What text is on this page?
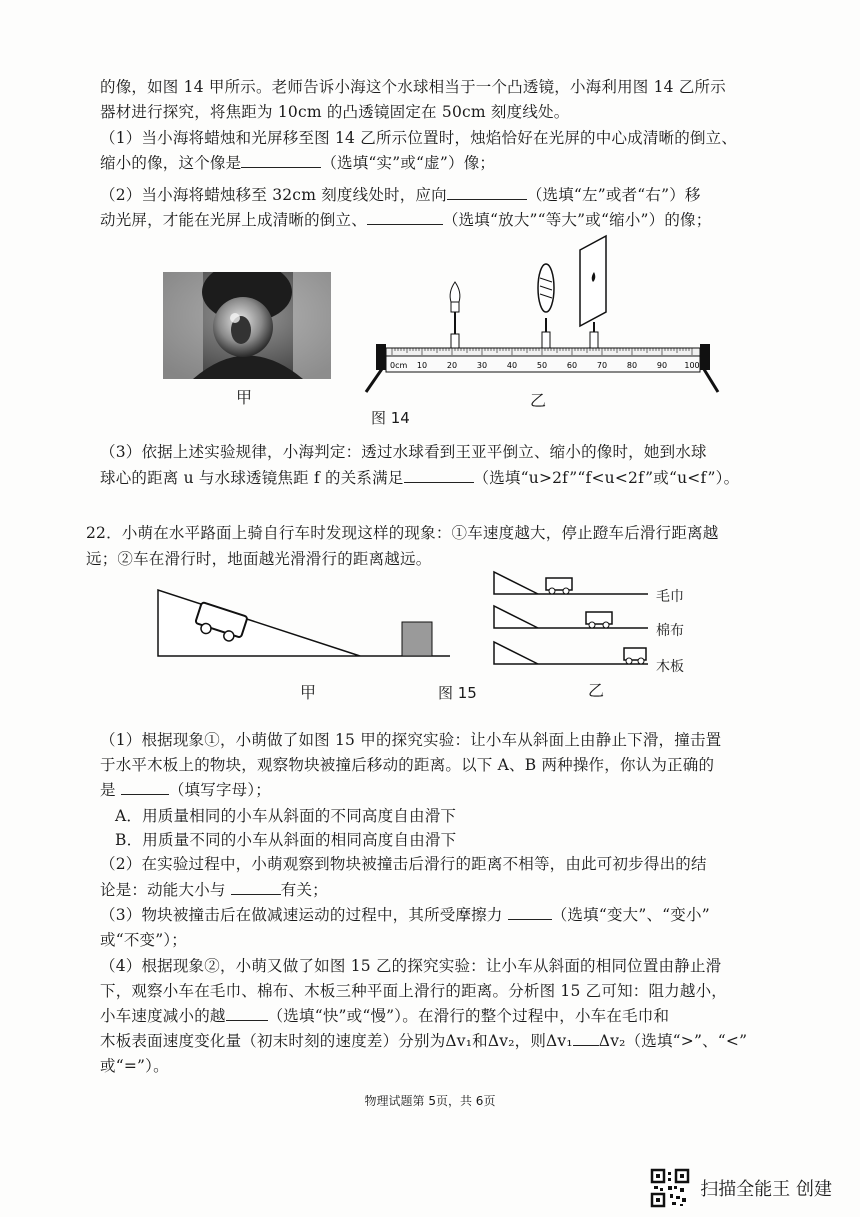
的像，如图 14 甲所示。老师告诉小海这个水球相当于一个凸透镜，小海利用图 14 乙所示
器材进行探究，将焦距为 10cm 的凸透镜固定在 50cm 刻度线处。
（1）当小海将蜡烛和光屏移至图 14 乙所示位置时，烛焰恰好在光屏的中心成清晰的倒立、
缩小的像，这个像是	（选填“实”或“虚”）像；
（2）当小海将蜡烛移至 32cm 刻度线处时，应向	（选填“左”或者“右”）移
动光屏，才能在光屏上成清晰的倒立、	（选填“放大”“等大”或“缩小”）的像；
甲
0cm 10 20 30 40 50 60 70 80 90 100
乙
图 14
（3）依据上述实验规律，小海判定：透过水球看到王亚平倒立、缩小的像时，她到水球
球心的距离 u 与水球透镜焦距 f 的关系满足	（选填“u>2f”“f<u<2f”或“u<f”）。
22．小萌在水平路面上骑自行车时发现这样的现象：①车速度越大，停止蹬车后滑行距离越
远；②车在滑行时，地面越光滑滑行的距离越远。
甲	图 15
毛巾
棉布
木板
乙
（1）根据现象①，小萌做了如图 15 甲的探究实验：让小车从斜面上由静止下滑，撞击置
于水平木板上的物块，观察物块被撞后移动的距离。以下 A、B 两种操作，你认为正确的
是	（填写字母）；
A．用质量相同的小车从斜面的不同高度自由滑下
B．用质量不同的小车从斜面的相同高度自由滑下
（2）在实验过程中，小萌观察到物块被撞击后滑行的距离不相等，由此可初步得出的结
论是：动能大小与	有关；
（3）物块被撞击后在做减速运动的过程中，其所受摩擦力	（选填“变大”、“变小”
或“不变”）；
（4）根据现象②，小萌又做了如图 15 乙的探究实验：让小车从斜面的相同位置由静止滑
下，观察小车在毛巾、棉布、木板三种平面上滑行的距离。分析图 15 乙可知：阻力越小，
小车速度减小的越	（选填“快”或“慢”）。在滑行的整个过程中，小车在毛巾和
木板表面速度变化量（初末时刻的速度差）分别为Δv₁和Δv₂，则Δv₁ Δv₂（选填“>”、“<”
或“=”）。
物理试题第 5页，共 6页
扫描全能王 创建
